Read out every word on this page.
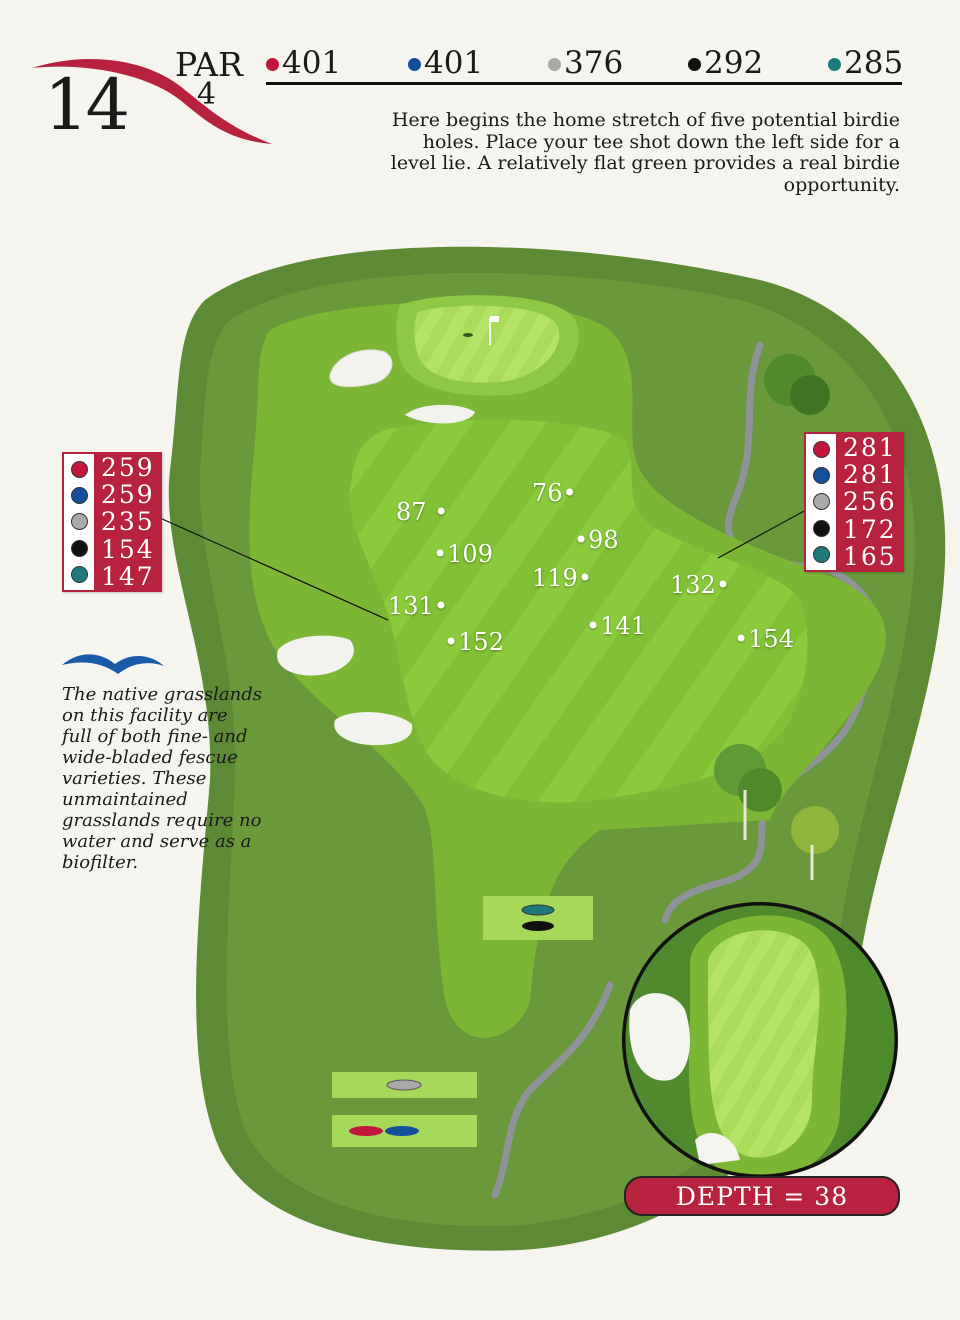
14 PAR
4
401	401	376	292	285
Here begins the home stretch of five potential birdie holes. Place your tee shot down the left side for a level lie. A relatively flat green provides a real birdie opportunity.
259
259
235
154
147
281
281
256
172
165
76•
87 •
•98
•109
119•
131•
132•
•141
•152	•154
The native grasslands on this facility are full of both fine- and wide-bladed fescue varieties. These unmaintained grasslands require no water and serve as a biofilter.
DEPTH = 38
